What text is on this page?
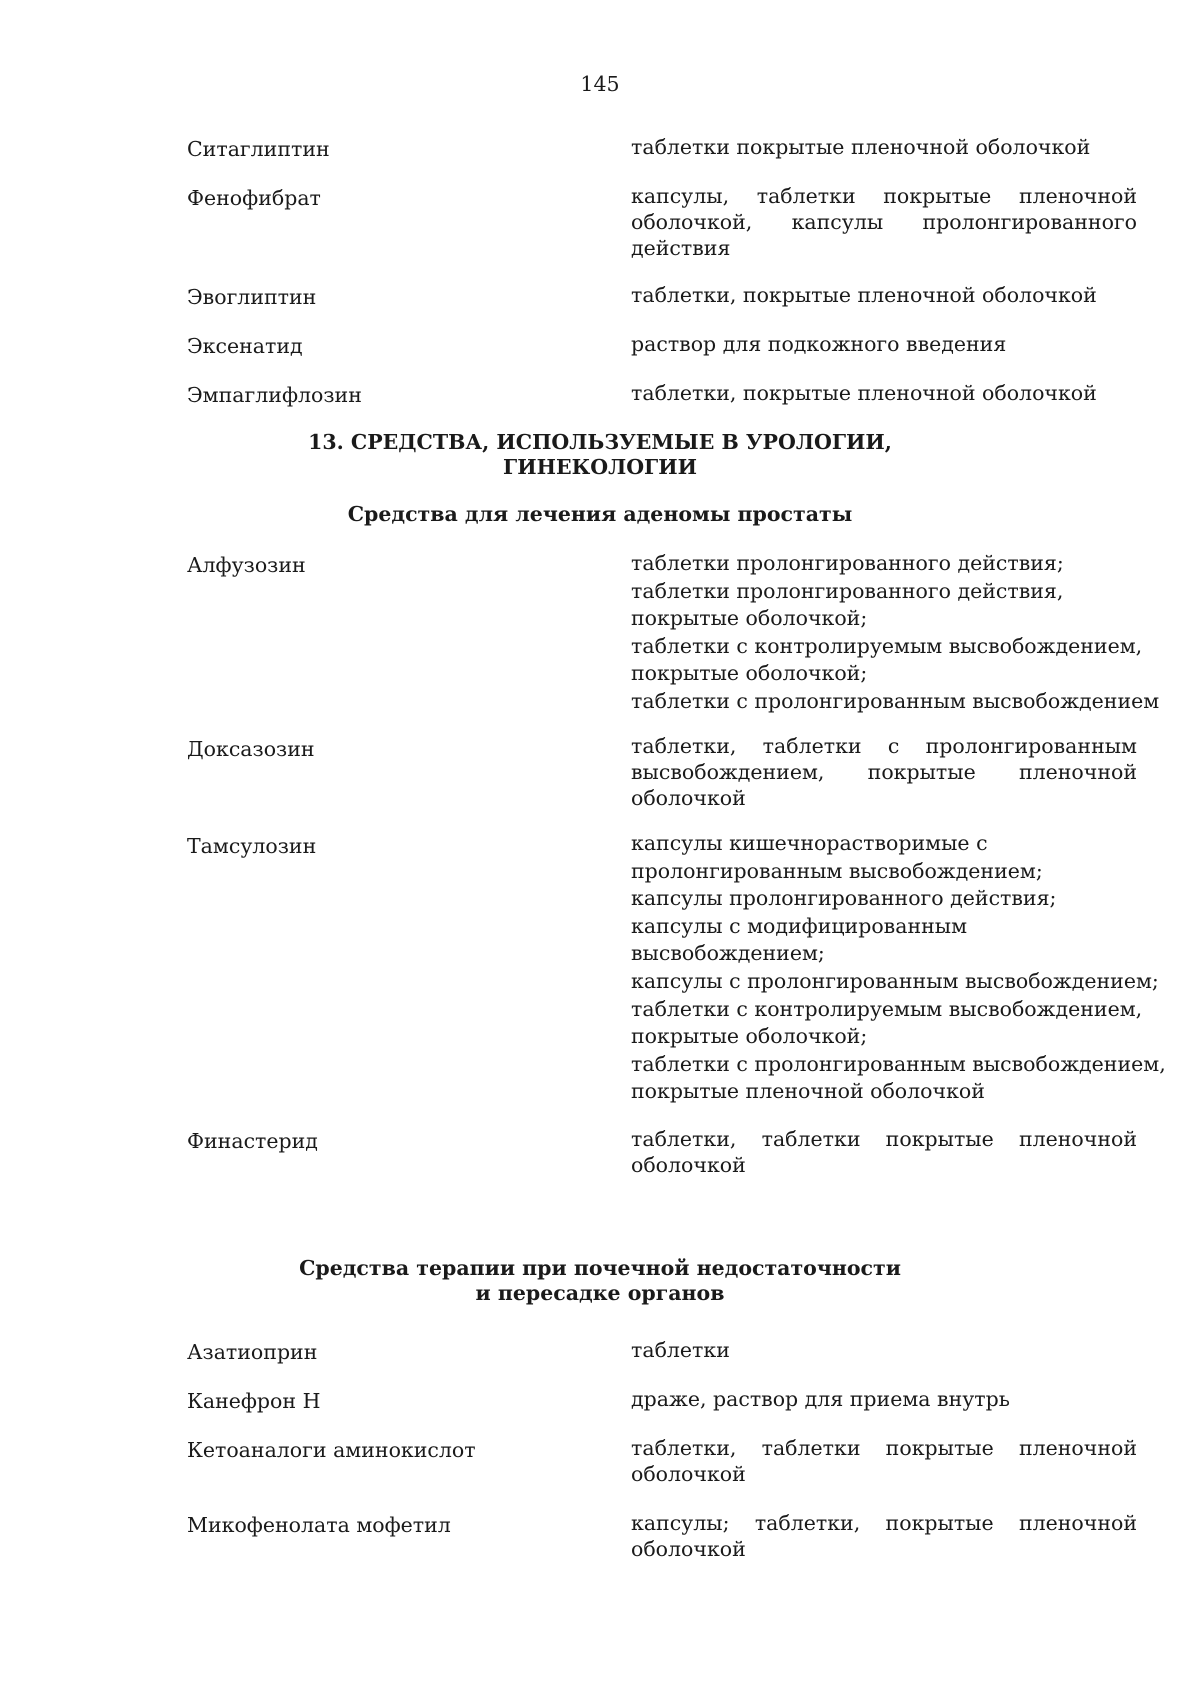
145
Ситаглиптин	таблетки покрытые пленочной оболочкой
Фенофибрат	капсулы, таблетки покрытые пленочной
оболочкой, капсулы пролонгированного
действия
Эвоглиптин	таблетки, покрытые пленочной оболочкой
Эксенатид	раствор для подкожного введения
Эмпаглифлозин	таблетки, покрытые пленочной оболочкой
13. СРЕДСТВА, ИСПОЛЬЗУЕМЫЕ В УРОЛОГИИ,
ГИНЕКОЛОГИИ
Средства для лечения аденомы простаты
Алфузозин	таблетки пролонгированного действия;
таблетки пролонгированного действия,
покрытые оболочкой;
таблетки с контролируемым высвобождением,
покрытые оболочкой;
таблетки с пролонгированным высвобождением
Доксазозин	таблетки, таблетки с пролонгированным
высвобождением, покрытые пленочной
оболочкой
Тамсулозин	капсулы кишечнорастворимые с
пролонгированным высвобождением;
капсулы пролонгированного действия;
капсулы с модифицированным
высвобождением;
капсулы с пролонгированным высвобождением;
таблетки с контролируемым высвобождением,
покрытые оболочкой;
таблетки с пролонгированным высвобождением,
покрытые пленочной оболочкой
Финастерид	таблетки, таблетки покрытые пленочной
оболочкой
Средства терапии при почечной недостаточности
и пересадке органов
Азатиоприн	таблетки
Канефрон Н	драже, раствор для приема внутрь
Кетоаналоги аминокислот	таблетки, таблетки покрытые пленочной
оболочкой
Микофенолата мофетил	капсулы; таблетки, покрытые пленочной
оболочкой
